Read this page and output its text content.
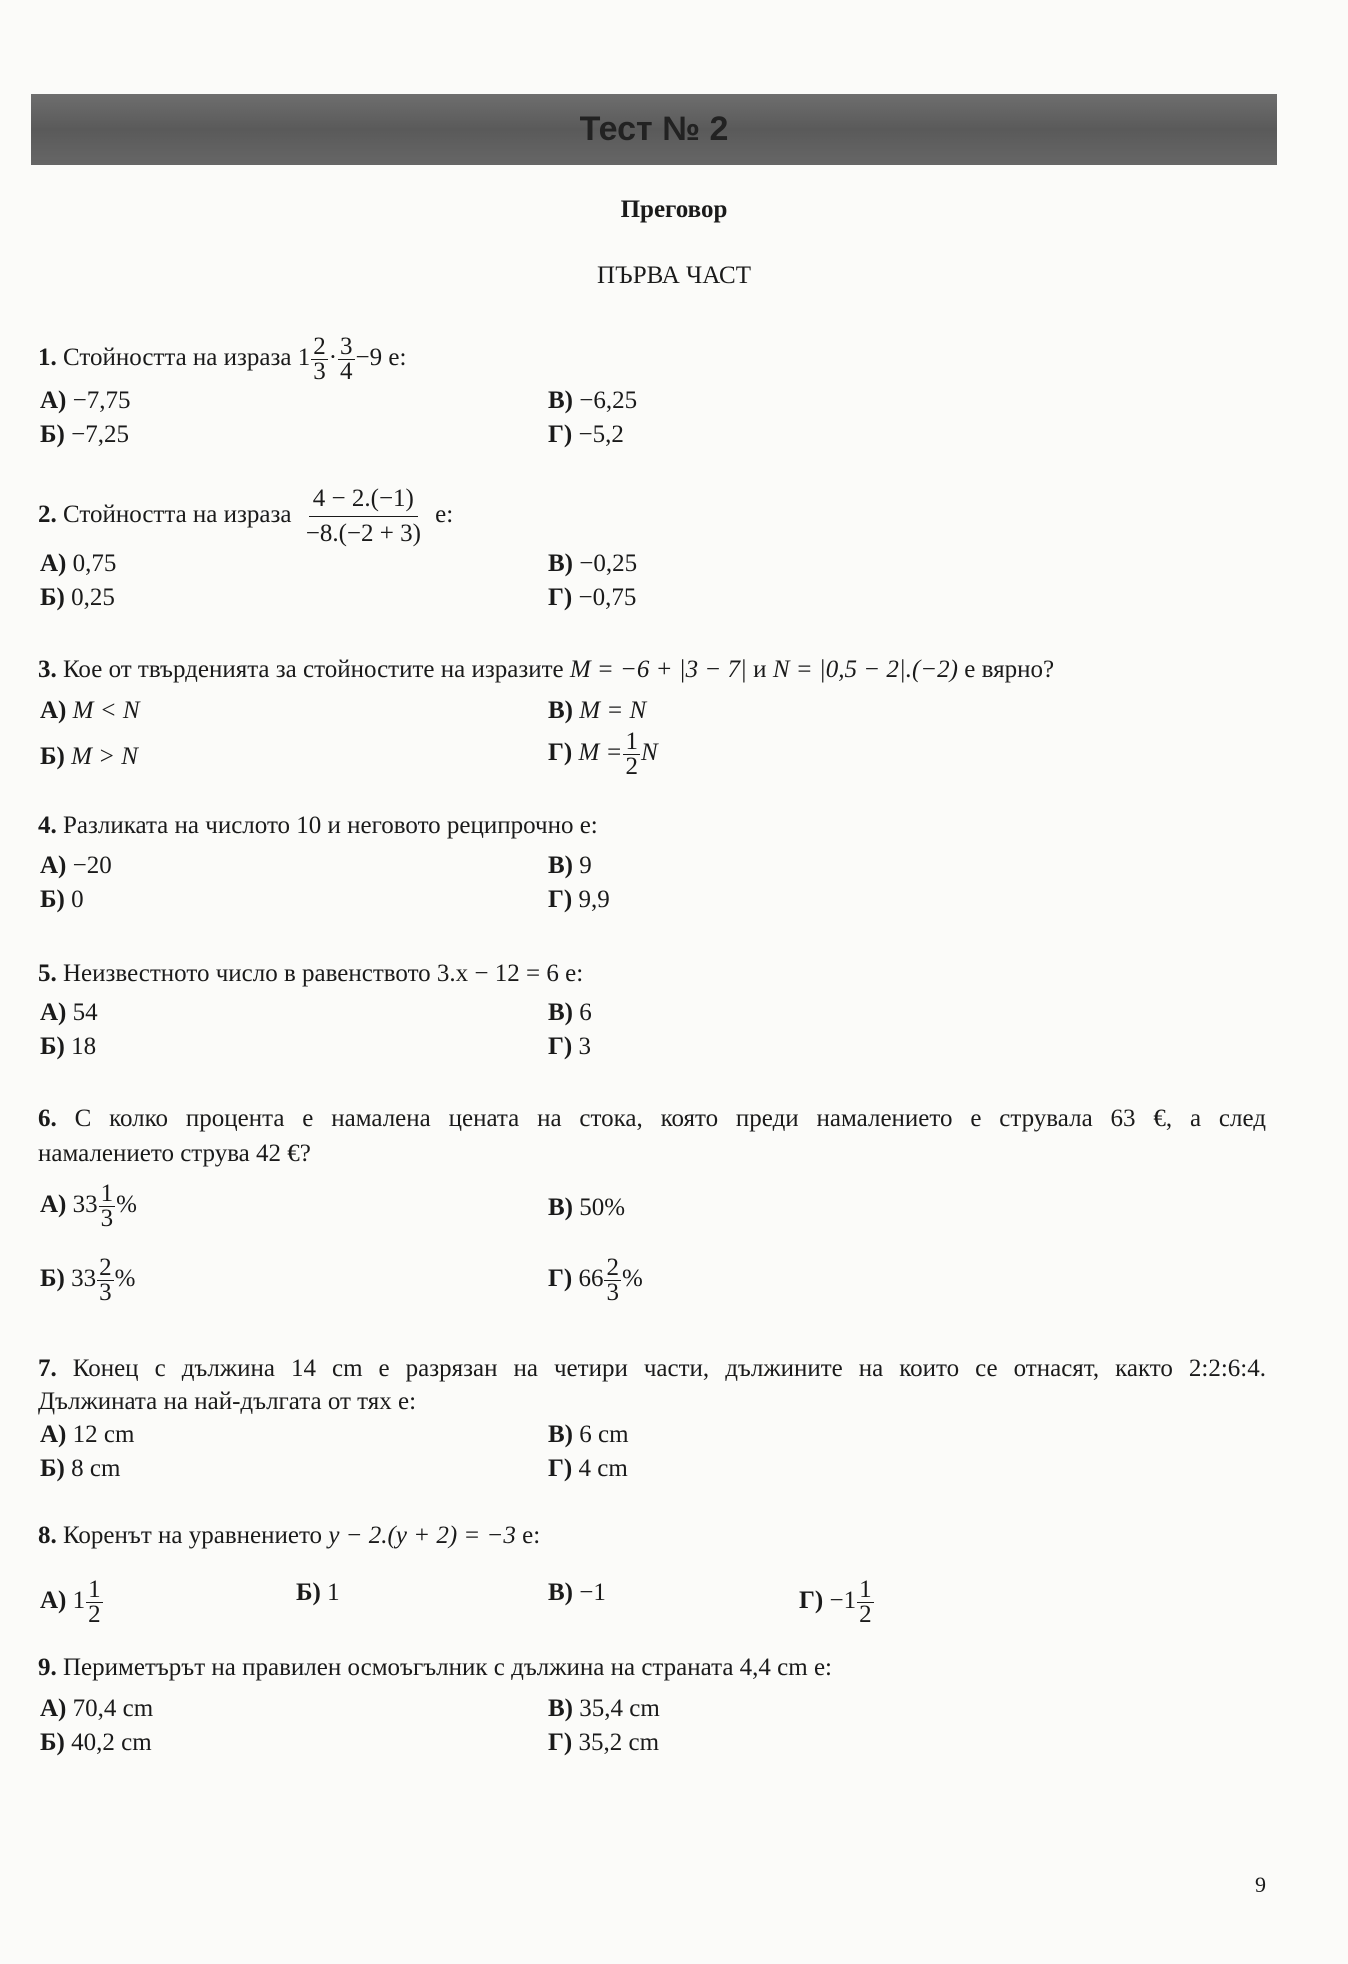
Тест № 2
Преговор
ПЪРВА ЧАСТ
1. Стойността на израза $1 \frac{2}{3} \cdot \frac{3}{4} -9$ е:
А) −7,75
Б) −7,25
В) −6,25
Г) −5,2
2. Стойността на израза $\frac{4 - 2.(-1)}{-8.(-2 + 3)} е$:
А) 0,75
Б) 0,25
В) −0,25
Г) −0,75
3. Кое от твърденията за стойностите на изразите M = −6 + |3 − 7| и N = |0,5 − 2|.(−2) е вярно?
А) M < N
Б) M > N
В) M = N
Г) $M = \frac{1}{2}$ N
4. Разликата на числото 10 и неговото реципрочно е:
А) −20
Б) 0
В) 9
Г) 9,9
5. Неизвестното число в равенството 3.x − 12 = 6 е:
А) 54
Б) 18
В) 6
Г) 3
6. С колко процента е намалена цената на стока, която преди намалението е струвала 63 €, а след
намалението струва 42 €?
А) $33 \frac{1}{3}$ %
Б) $33 \frac{2}{3}$ %
В) 50%
Г) $66 \frac{2}{3}$ %
7. Конец с дължина 14 cm е разрязан на четири части, дължините на които се отнасят, както 2:2:6:4.
Дължината на най-дългата от тях е:
А) 12 cm
Б) 8 cm
В) 6 cm
Г) 4 cm
8. Коренът на уравнението y − 2.(y + 2) = −3 е:
А) $1 \frac{1}{2}$	Б) 1	В) −1	$Г) -1 \frac{1}{2}$
9. Периметърът на правилен осмоъгълник с дължина на страната 4,4 cm е:
А) 70,4 cm
Б) 40,2 cm
В) 35,4 cm
Г) 35,2 cm
9
